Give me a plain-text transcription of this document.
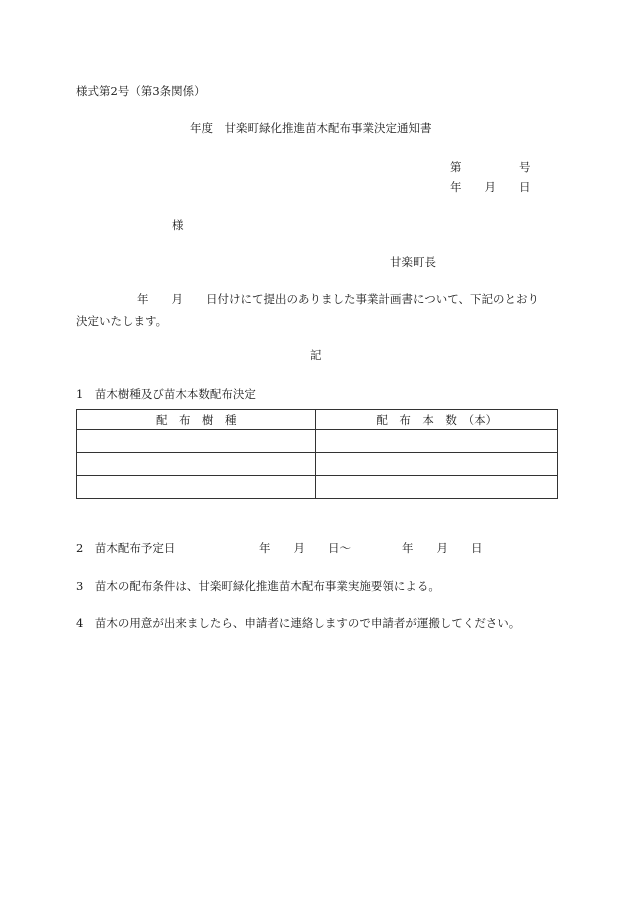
様式第2号（第3条関係）
年度　甘楽町緑化推進苗木配布事業決定通知書
第　　　　　号
年　　月　　日
様
甘楽町長
年　　月　　日付けにて提出のありました事業計画書について、下記のとおり
決定いたします。
記
1　苗木樹種及び苗木本数配布決定
配　布　樹　種	配　布　本　数　（本）

2　苗木配布予定日	年　　月　　日〜	年　　月　　日
3　苗木の配布条件は、甘楽町緑化推進苗木配布事業実施要領による。
4　苗木の用意が出来ましたら、申請者に連絡しますので申請者が運搬してください。
